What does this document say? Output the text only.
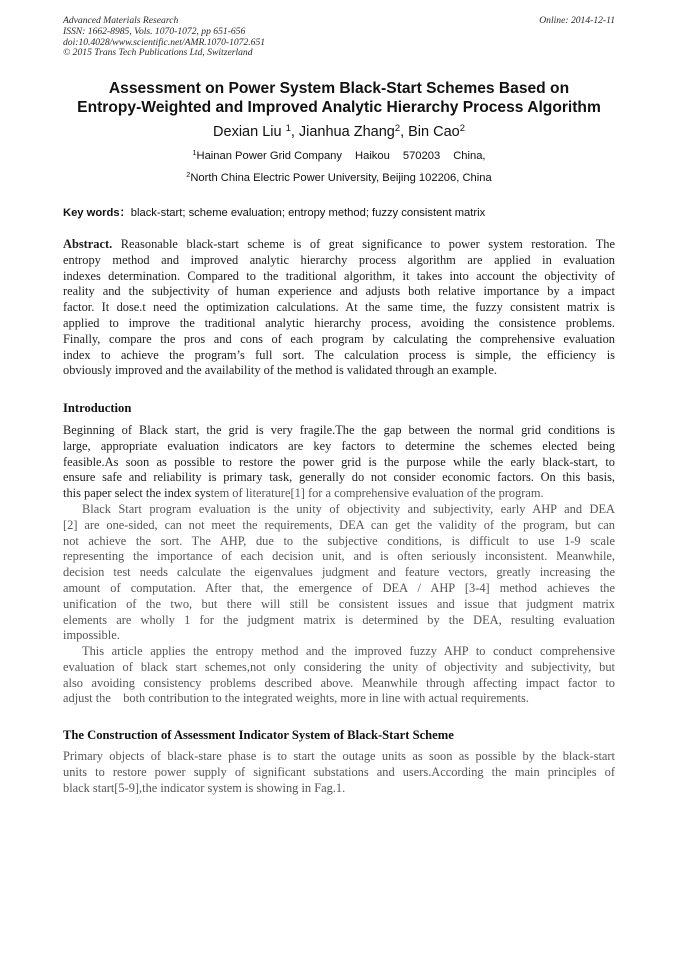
Advanced Materials Research
ISSN: 1662-8985, Vols. 1070-1072, pp 651-656
doi:10.4028/www.scientific.net/AMR.1070-1072.651
© 2015 Trans Tech Publications Ltd, Switzerland
Online: 2014-12-11
Assessment on Power System Black-Start Schemes Based on
Entropy-Weighted and Improved Analytic Hierarchy Process Algorithm
Dexian Liu $^1$, Jianhua Zhang$^2$, Bin Cao$^2$
$^1$Hainan Power Grid Company Haikou 570203 China,
$^2$North China Electric Power University, Beijing 102206, China
Key words：black-start; scheme evaluation; entropy method; fuzzy consistent matrix
Abstract. Reasonable black-start scheme is of great significance to power system restoration. The
entropy method and improved analytic hierarchy process algorithm are applied in evaluation
indexes determination. Compared to the traditional algorithm, it takes into account the objectivity of
reality and the subjectivity of human experience and adjusts both relative importance by a impact
factor. It dose.t need the optimization calculations. At the same time, the fuzzy consistent matrix is
applied to improve the traditional analytic hierarchy process, avoiding the consistence problems.
Finally, compare the pros and cons of each program by calculating the comprehensive evaluation
index to achieve the program’s full sort. The calculation process is simple, the efficiency is
obviously improved and the availability of the method is validated through an example.
Introduction
Beginning of Black start, the grid is very fragile.The the gap between the normal grid conditions is
large, appropriate evaluation indicators are key factors to determine the schemes elected being
feasible.As soon as possible to restore the power grid is the purpose while the early black-start, to
ensure safe and reliability is primary task, generally do not consider economic factors. On this basis,
this paper select the index system of literature[1] for a comprehensive evaluation of the program.
Black Start program evaluation is the unity of objectivity and subjectivity, early AHP and DEA
[2] are one-sided, can not meet the requirements, DEA can get the validity of the program, but can
not achieve the sort. The AHP, due to the subjective conditions, is difficult to use 1-9 scale
representing the importance of each decision unit, and is often seriously inconsistent. Meanwhile,
decision test needs calculate the eigenvalues judgment and feature vectors, greatly increasing the
amount of computation. After that, the emergence of DEA / AHP [3-4] method achieves the
unification of the two, but there will still be consistent issues and issue that judgment matrix
elements are wholly 1 for the judgment matrix is determined by the DEA, resulting evaluation
impossible.
This article applies the entropy method and the improved fuzzy AHP to conduct comprehensive
evaluation of black start schemes,not only considering the unity of objectivity and subjectivity, but
also avoiding consistency problems described above. Meanwhile through affecting impact factor to
adjust the    both contribution to the integrated weights, more in line with actual requirements.
The Construction of Assessment Indicator System of Black-Start Scheme
Primary objects of black-stare phase is to start the outage units as soon as possible by the black-start
units to restore power supply of significant substations and users.According the main principles of
black start[5-9],the indicator system is showing in Fag.1.
